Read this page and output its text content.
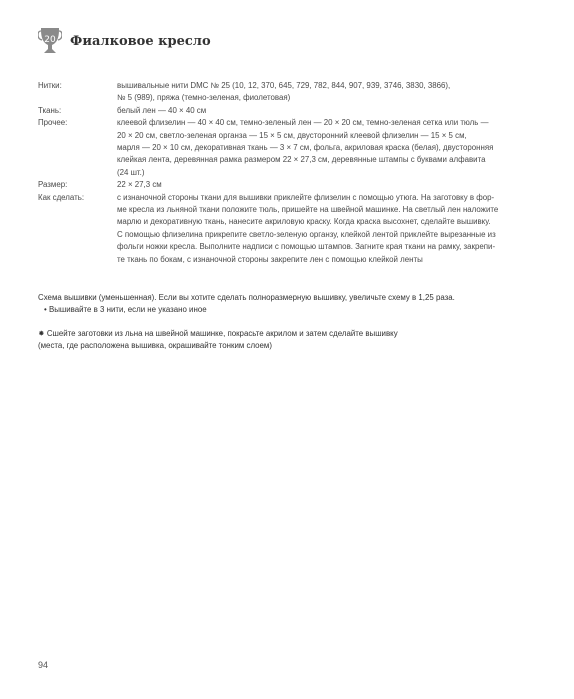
20	Фиалковое кресло
Нитки:	вышивальные нити DMC № 25 (10, 12, 370, 645, 729, 782, 844, 907, 939, 3746, 3830, 3866),

№ 5 (989), пряжа (темно-зеленая, фиолетовая)

Ткань:	белый лен — 40 × 40 см

Прочее:	клеевой флизелин — 40 × 40 см, темно-зеленый лен — 20 × 20 см, темно-зеленая сетка или тюль —

20 × 20 см, светло-зеленая органза — 15 × 5 см, двусторонний клеевой флизелин — 15 × 5 см,

марля — 20 × 10 см, декоративная ткань — 3 × 7 см, фольга, акриловая краска (белая), двусторонняя

клейкая лента, деревянная рамка размером 22 × 27,3 см, деревянные штампы с буквами алфавита

(24 шт.)

Размер:	22 × 27,3 см

Как сделать:	с изнаночной стороны ткани для вышивки приклейте флизелин с помощью утюга. На заготовку в фор-

ме кресла из льняной ткани положите тюль, пришейте на швейной машинке. На светлый лен наложите

марлю и декоративную ткань, нанесите акриловую краску. Когда краска высохнет, сделайте вышивку.

С помощью флизелина прикрепите светло-зеленую органзу, клейкой лентой приклейте вырезанные из

фольги ножки кресла. Выполните надписи с помощью штампов. Загните края ткани на рамку, закрепи-

те ткань по бокам, с изнаночной стороны закрепите лен с помощью клейкой ленты

Схема вышивки (уменьшенная). Если вы хотите сделать полноразмерную вышивку, увеличьте схему в 1,25 раза.

• Вышивайте в 3 нити, если не указано иное

⁕ Сшейте заготовки из льна на швейной машинке, покрасьте акрилом и затем сделайте вышивку

(места, где расположена вышивка, окрашивайте тонким слоем)

94
